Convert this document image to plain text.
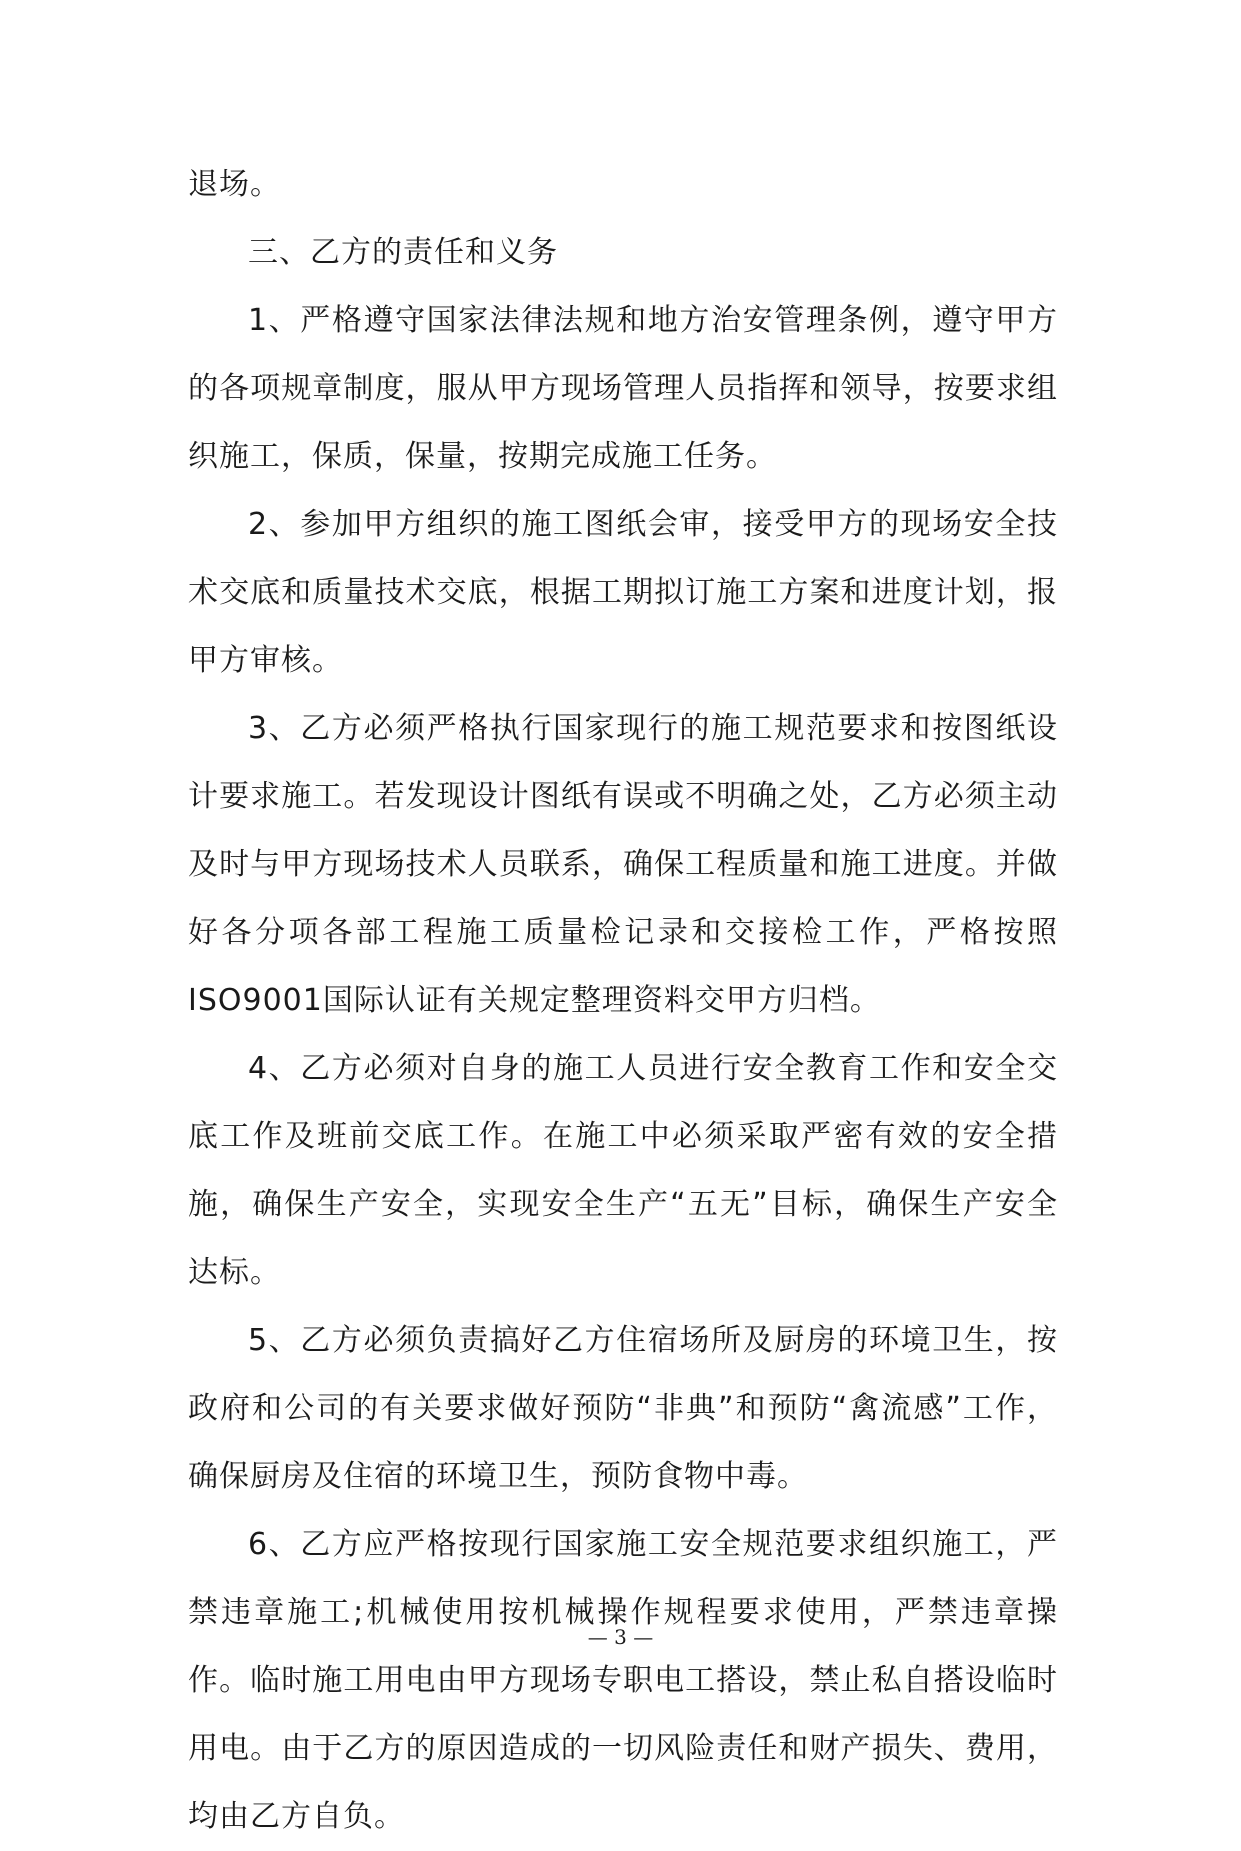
退场。

三、乙方的责任和义务

1、严格遵守国家法律法规和地方治安管理条例，遵守甲方的各项规章制度，服从甲方现场管理人员指挥和领导，按要求组织施工，保质，保量，按期完成施工任务。

2、参加甲方组织的施工图纸会审，接受甲方的现场安全技术交底和质量技术交底，根据工期拟订施工方案和进度计划，报甲方审核。

3、乙方必须严格执行国家现行的施工规范要求和按图纸设计要求施工。若发现设计图纸有误或不明确之处，乙方必须主动及时与甲方现场技术人员联系，确保工程质量和施工进度。并做好各分项各部工程施工质量检记录和交接检工作，严格按照ISO9001国际认证有关规定整理资料交甲方归档。

4、乙方必须对自身的施工人员进行安全教育工作和安全交底工作及班前交底工作。在施工中必须采取严密有效的安全措施，确保生产安全，实现安全生产“五无”目标，确保生产安全达标。

5、乙方必须负责搞好乙方住宿场所及厨房的环境卫生，按政府和公司的有关要求做好预防“非典”和预防“禽流感”工作，确保厨房及住宿的环境卫生，预防食物中毒。

6、乙方应严格按现行国家施工安全规范要求组织施工，严禁违章施工;机械使用按机械操作规程要求使用，严禁违章操作。临时施工用电由甲方现场专职电工搭设，禁止私自搭设临时用电。由于乙方的原因造成的一切风险责任和财产损失、费用，均由乙方自负。

— 3 —
